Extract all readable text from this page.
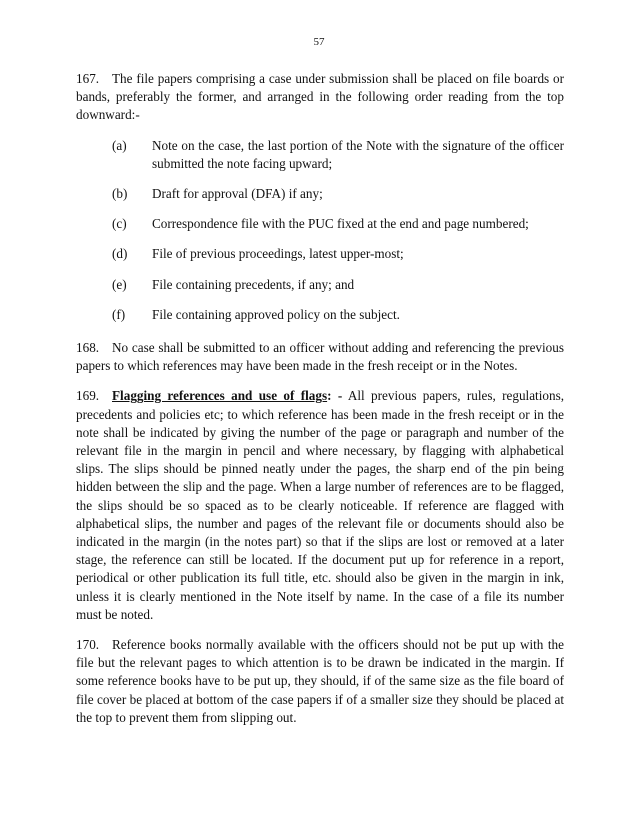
57

167. The file papers comprising a case under submission shall be placed on file boards or bands, preferably the former, and arranged in the following order reading from the top downward:-

(a)	Note on the case, the last portion of the Note with the signature of the officer submitted the note facing upward;
(b)	Draft for approval (DFA) if any;
(c)	Correspondence file with the PUC fixed at the end and page numbered;
(d)	File of previous proceedings, latest upper-most;
(e)	File containing precedents, if any; and
(f)	File containing approved policy on the subject.

168. No case shall be submitted to an officer without adding and referencing the previous papers to which references may have been made in the fresh receipt or in the Notes.

169. Flagging references and use of flags: - All previous papers, rules, regulations, precedents and policies etc; to which reference has been made in the fresh receipt or in the note shall be indicated by giving the number of the page or paragraph and number of the relevant file in the margin in pencil and where necessary, by flagging with alphabetical slips. The slips should be pinned neatly under the pages, the sharp end of the pin being hidden between the slip and the page. When a large number of references are to be flagged, the slips should be so spaced as to be clearly noticeable. If reference are flagged with alphabetical slips, the number and pages of the relevant file or documents should also be indicated in the margin (in the notes part) so that if the slips are lost or removed at a later stage, the reference can still be located. If the document put up for reference in a report, periodical or other publication its full title, etc. should also be given in the margin in ink, unless it is clearly mentioned in the Note itself by name. In the case of a file its number must be noted.

170. Reference books normally available with the officers should not be put up with the file but the relevant pages to which attention is to be drawn be indicated in the margin. If some reference books have to be put up, they should, if of the same size as the file board of file cover be placed at bottom of the case papers if of a smaller size they should be placed at the top to prevent them from slipping out.
